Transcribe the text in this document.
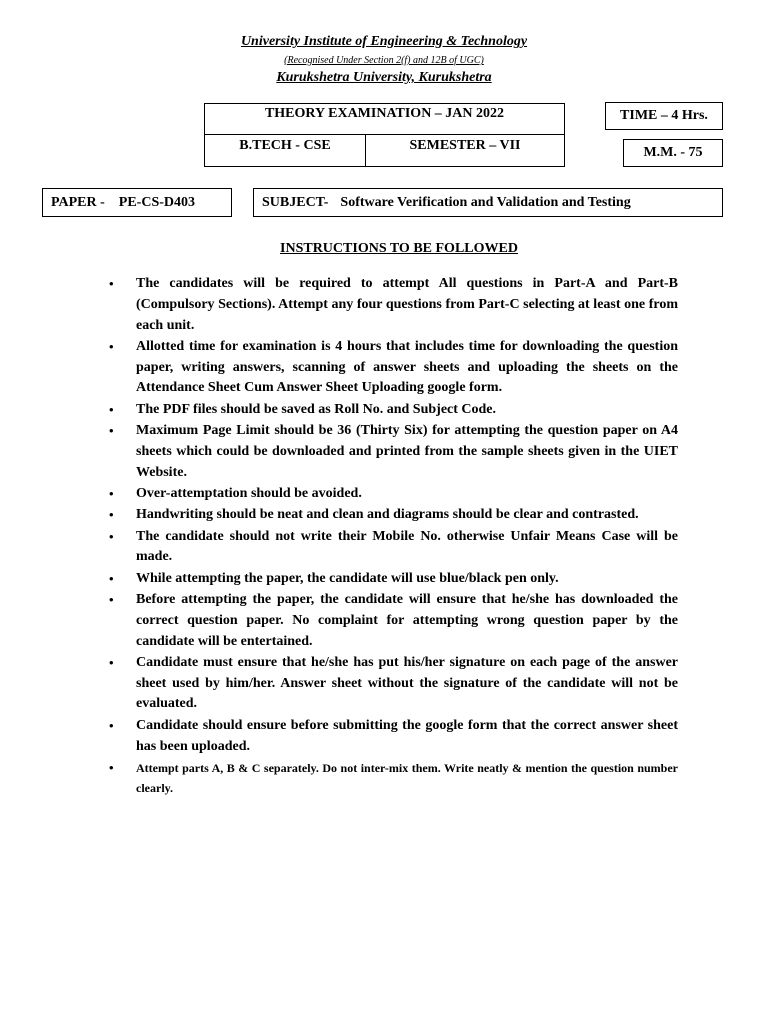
University Institute of Engineering & Technology
(Recognised Under Section 2(f) and 12B of UGC)
Kurukshetra University, Kurukshetra
THEORY EXAMINATION – JAN 2022
B.TECH - CSE	SEMESTER – VII
TIME – 4 Hrs.
M.M. - 75
PAPER - PE-CS-D403	SUBJECT- Software Verification and Validation and Testing
INSTRUCTIONS TO BE FOLLOWED
• The candidates will be required to attempt All questions in Part-A and Part-B (Compulsory Sections). Attempt any four questions from Part-C selecting at least one from each unit.
• Allotted time for examination is 4 hours that includes time for downloading the question paper, writing answers, scanning of answer sheets and uploading the sheets on the Attendance Sheet Cum Answer Sheet Uploading google form.
• The PDF files should be saved as Roll No. and Subject Code.
• Maximum Page Limit should be 36 (Thirty Six) for attempting the question paper on A4 sheets which could be downloaded and printed from the sample sheets given in the UIET Website.
• Over-attemptation should be avoided.
• Handwriting should be neat and clean and diagrams should be clear and contrasted.
• The candidate should not write their Mobile No. otherwise Unfair Means Case will be made.
• While attempting the paper, the candidate will use blue/black pen only.
• Before attempting the paper, the candidate will ensure that he/she has downloaded the correct question paper. No complaint for attempting wrong question paper by the candidate will be entertained.
• Candidate must ensure that he/she has put his/her signature on each page of the answer sheet used by him/her. Answer sheet without the signature of the candidate will not be evaluated.
• Candidate should ensure before submitting the google form that the correct answer sheet has been uploaded.
• Attempt parts A, B & C separately. Do not inter-mix them. Write neatly & mention the question number clearly.
